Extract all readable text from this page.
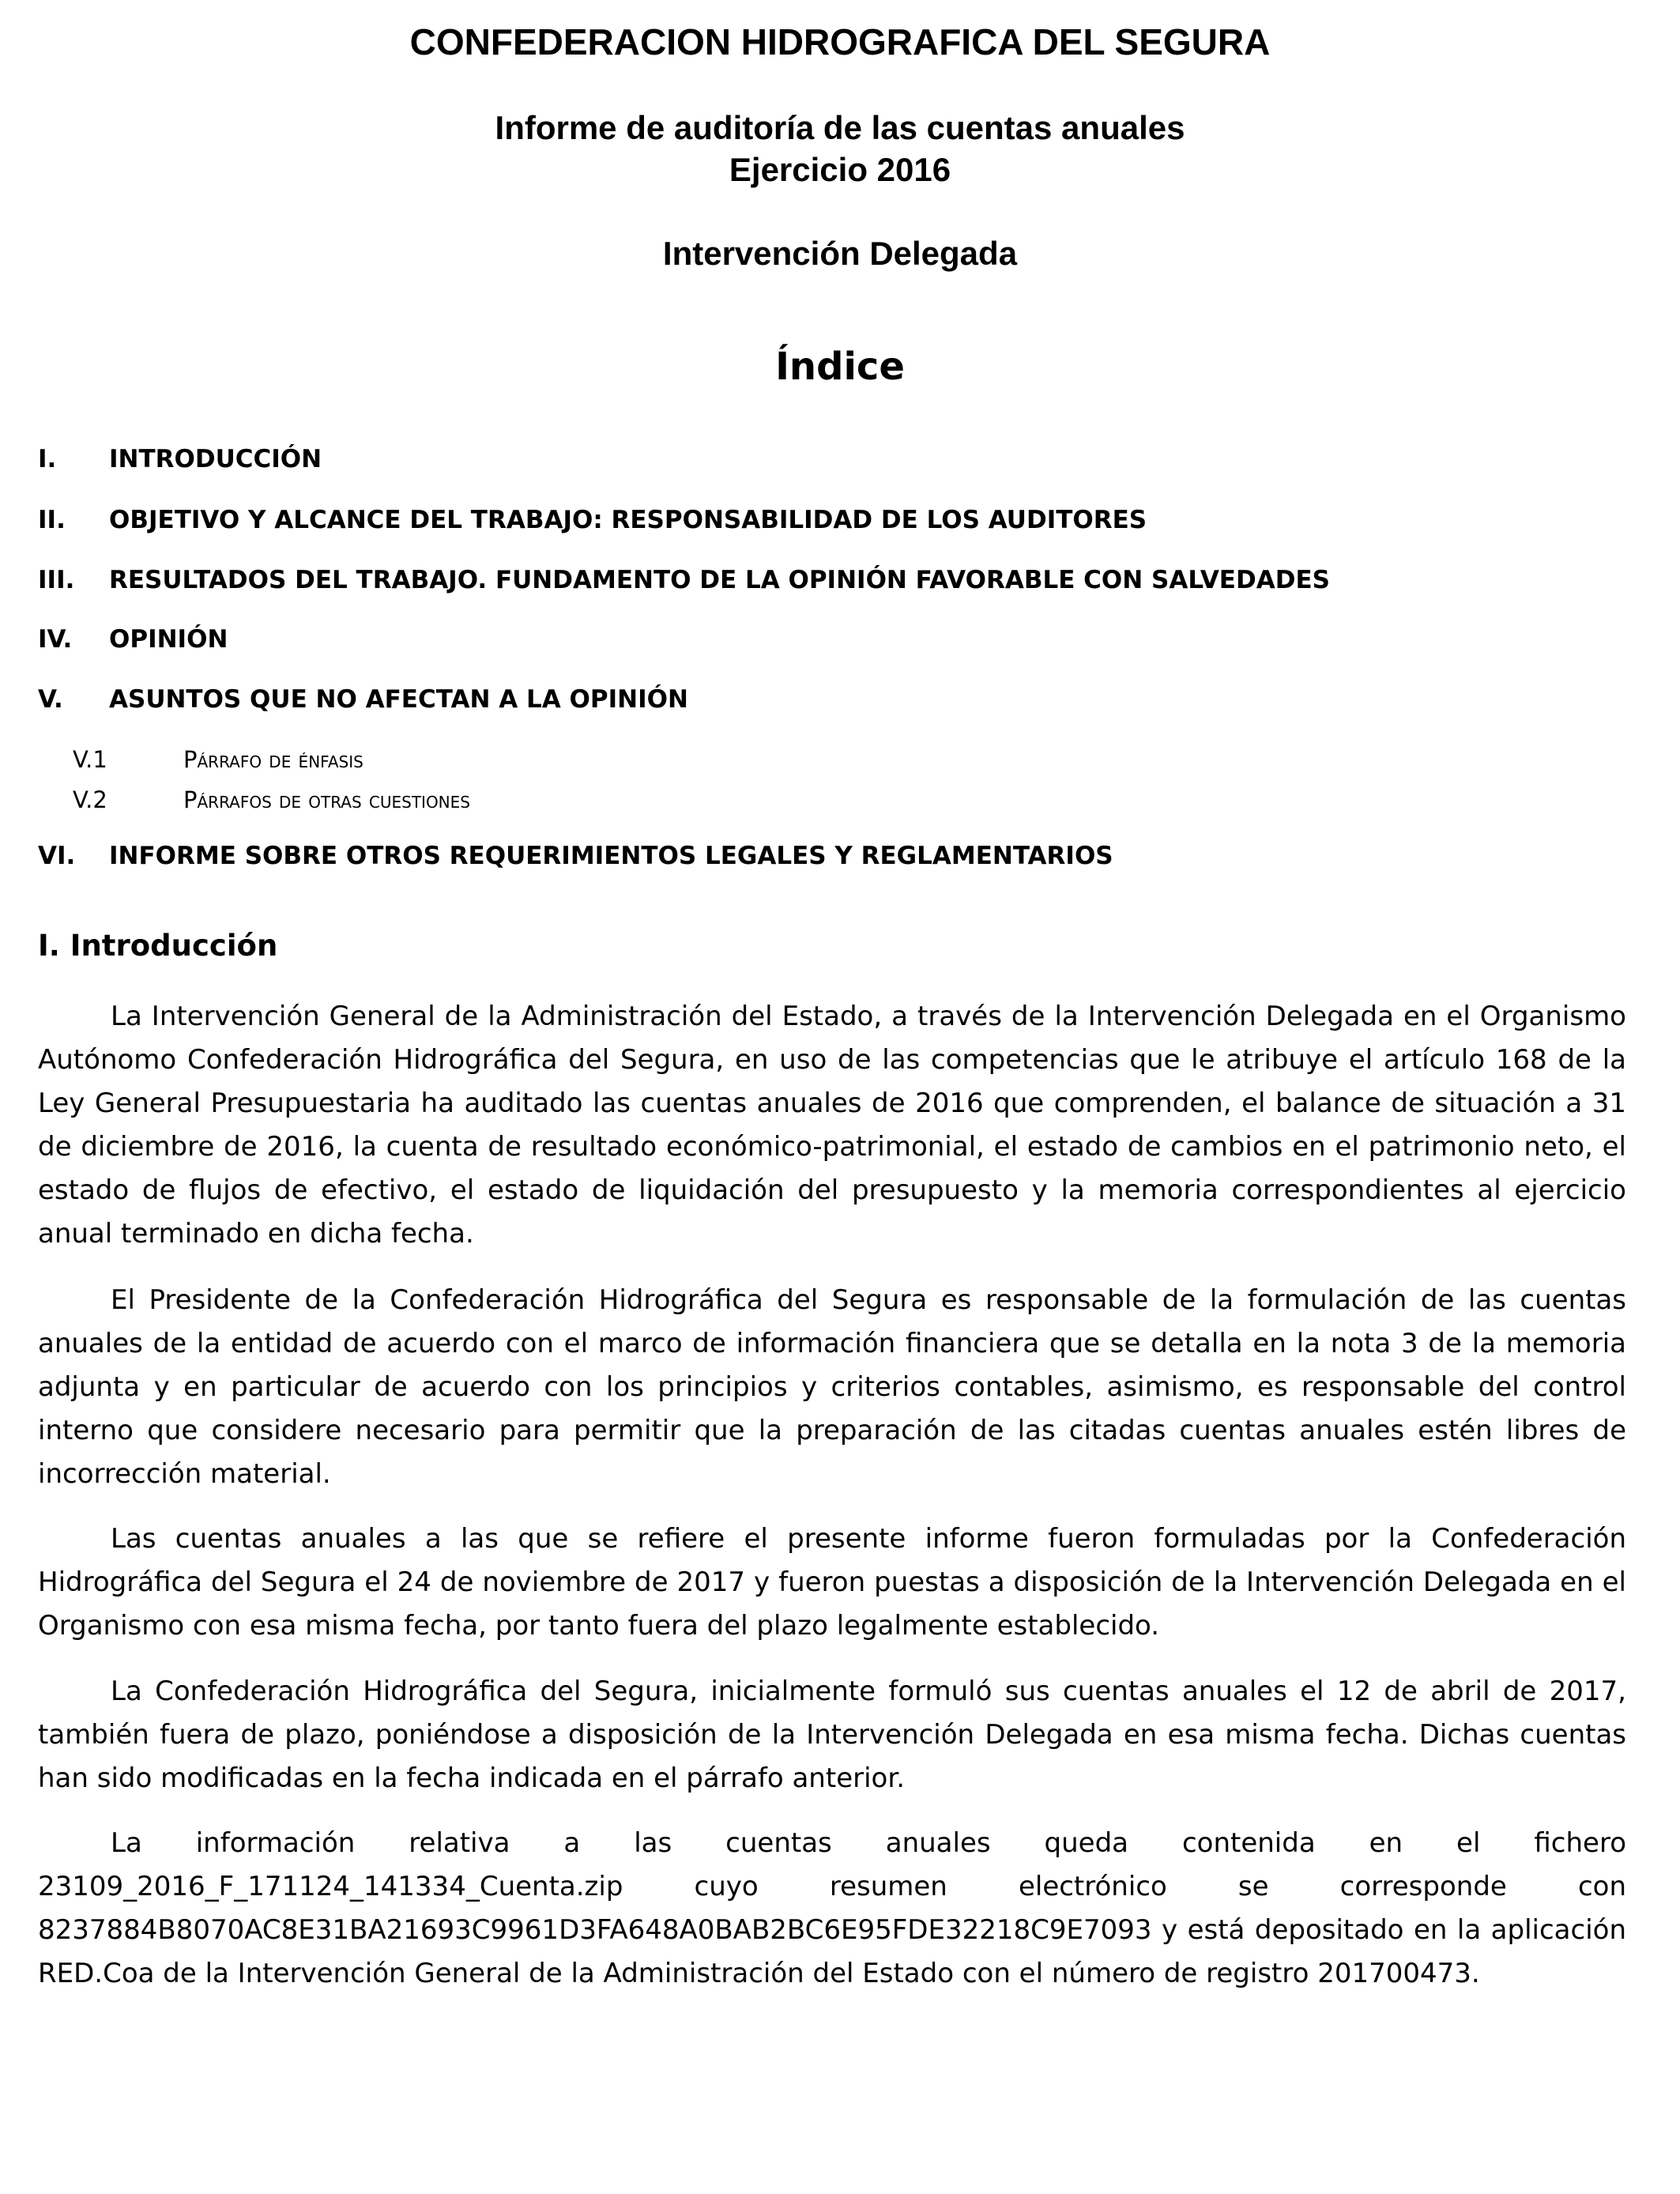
CONFEDERACION HIDROGRAFICA DEL SEGURA
Informe de auditoría de las cuentas anuales
Ejercicio 2016
Intervención Delegada
Índice
I. INTRODUCCIÓN
II. OBJETIVO Y ALCANCE DEL TRABAJO: RESPONSABILIDAD DE LOS AUDITORES
III. RESULTADOS DEL TRABAJO. FUNDAMENTO DE LA OPINIÓN FAVORABLE CON SALVEDADES
IV. OPINIÓN
V. ASUNTOS QUE NO AFECTAN A LA OPINIÓN
V.1	Párrafo de énfasis
V.2	Párrafos de otras cuestiones
VI. INFORME SOBRE OTROS REQUERIMIENTOS LEGALES Y REGLAMENTARIOS
I. Introducción

La Intervención General de la Administración del Estado, a través de la Intervención Delegada en el Organismo Autónomo Confederación Hidrográfica del Segura, en uso de las competencias que le atribuye el artículo 168 de la Ley General Presupuestaria ha auditado las cuentas anuales de 2016 que comprenden, el balance de situación a 31 de diciembre de 2016, la cuenta de resultado económico-patrimonial, el estado de cambios en el patrimonio neto, el estado de flujos de efectivo, el estado de liquidación del presupuesto y la memoria correspondientes al ejercicio anual terminado en dicha fecha.

El Presidente de la Confederación Hidrográfica del Segura es responsable de la formulación de las cuentas anuales de la entidad de acuerdo con el marco de información financiera que se detalla en la nota 3 de la memoria adjunta y en particular de acuerdo con los principios y criterios contables, asimismo, es responsable del control interno que considere necesario para permitir que la preparación de las citadas cuentas anuales estén libres de incorrección material.

Las cuentas anuales a las que se refiere el presente informe fueron formuladas por la Confederación Hidrográfica del Segura el 24 de noviembre de 2017 y fueron puestas a disposición de la Intervención Delegada en el Organismo con esa misma fecha, por tanto fuera del plazo legalmente establecido.

La Confederación Hidrográfica del Segura, inicialmente formuló sus cuentas anuales el 12 de abril de 2017, también fuera de plazo, poniéndose a disposición de la Intervención Delegada en esa misma fecha. Dichas cuentas han sido modificadas en la fecha indicada en el párrafo anterior.

La información relativa a las cuentas anuales queda contenida en el fichero 23109_2016_F_171124_141334_Cuenta.zip cuyo resumen electrónico se corresponde con 8237884B8070AC8E31BA21693C9961D3FA648A0BAB2BC6E95FDE32218C9E7093 y está depositado en la aplicación RED.Coa de la Intervención General de la Administración del Estado con el número de registro 201700473.
